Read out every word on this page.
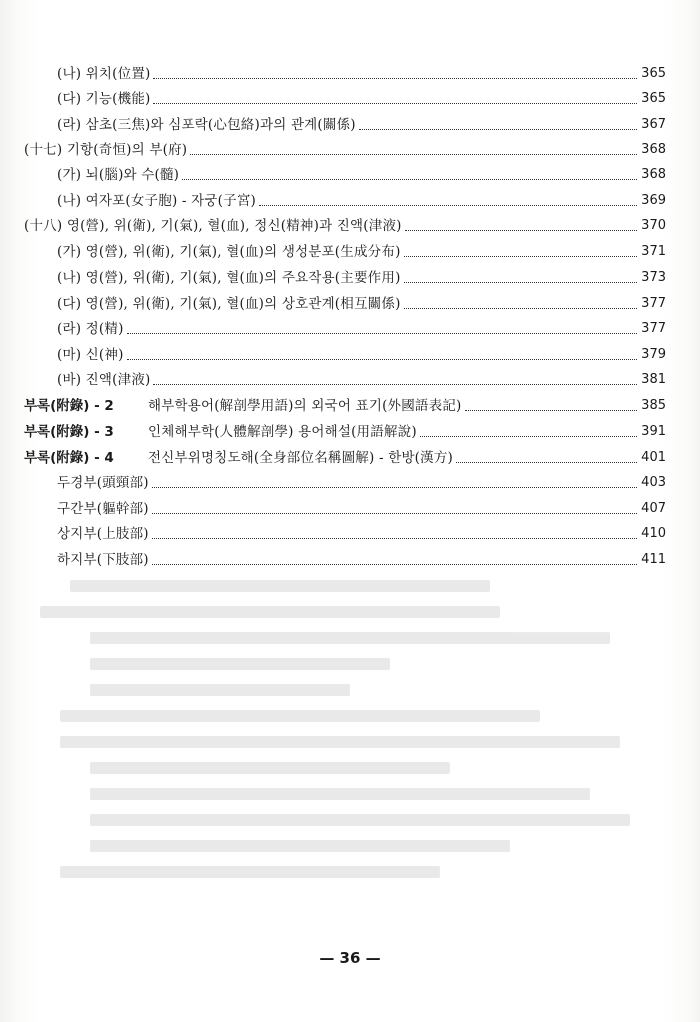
(나) 위치(位置)	365
(다) 기능(機能)	365
(라) 삼초(三焦)와 심포락(心包絡)과의 관계(關係)	367
(十七) 기항(奇恒)의 부(府)	368
(가) 뇌(腦)와 수(髓)	368
(나) 여자포(女子胞) - 자궁(子宮)	369
(十八) 영(營), 위(衛), 기(氣), 혈(血), 정신(精神)과 진액(津液)	370
(가) 영(營), 위(衛), 기(氣), 혈(血)의 생성분포(生成分布)	371
(나) 영(營), 위(衛), 기(氣), 혈(血)의 주요작용(主要作用)	373
(다) 영(營), 위(衛), 기(氣), 혈(血)의 상호관계(相互關係)	377
(라) 정(精)	377
(마) 신(神)	379
(바) 진액(津液)	381
부록(附錄) - 2	해부학용어(解剖學用語)의 외국어 표기(外國語表記)	385
부록(附錄) - 3	인체해부학(人體解剖學) 용어해설(用語解說)	391
부록(附錄) - 4	전신부위명칭도해(全身部位名稱圖解) - 한방(漢方)	401
두경부(頭頸部)	403
구간부(軀幹部)	407
상지부(上肢部)	410
하지부(下肢部)	411
— 36 —
